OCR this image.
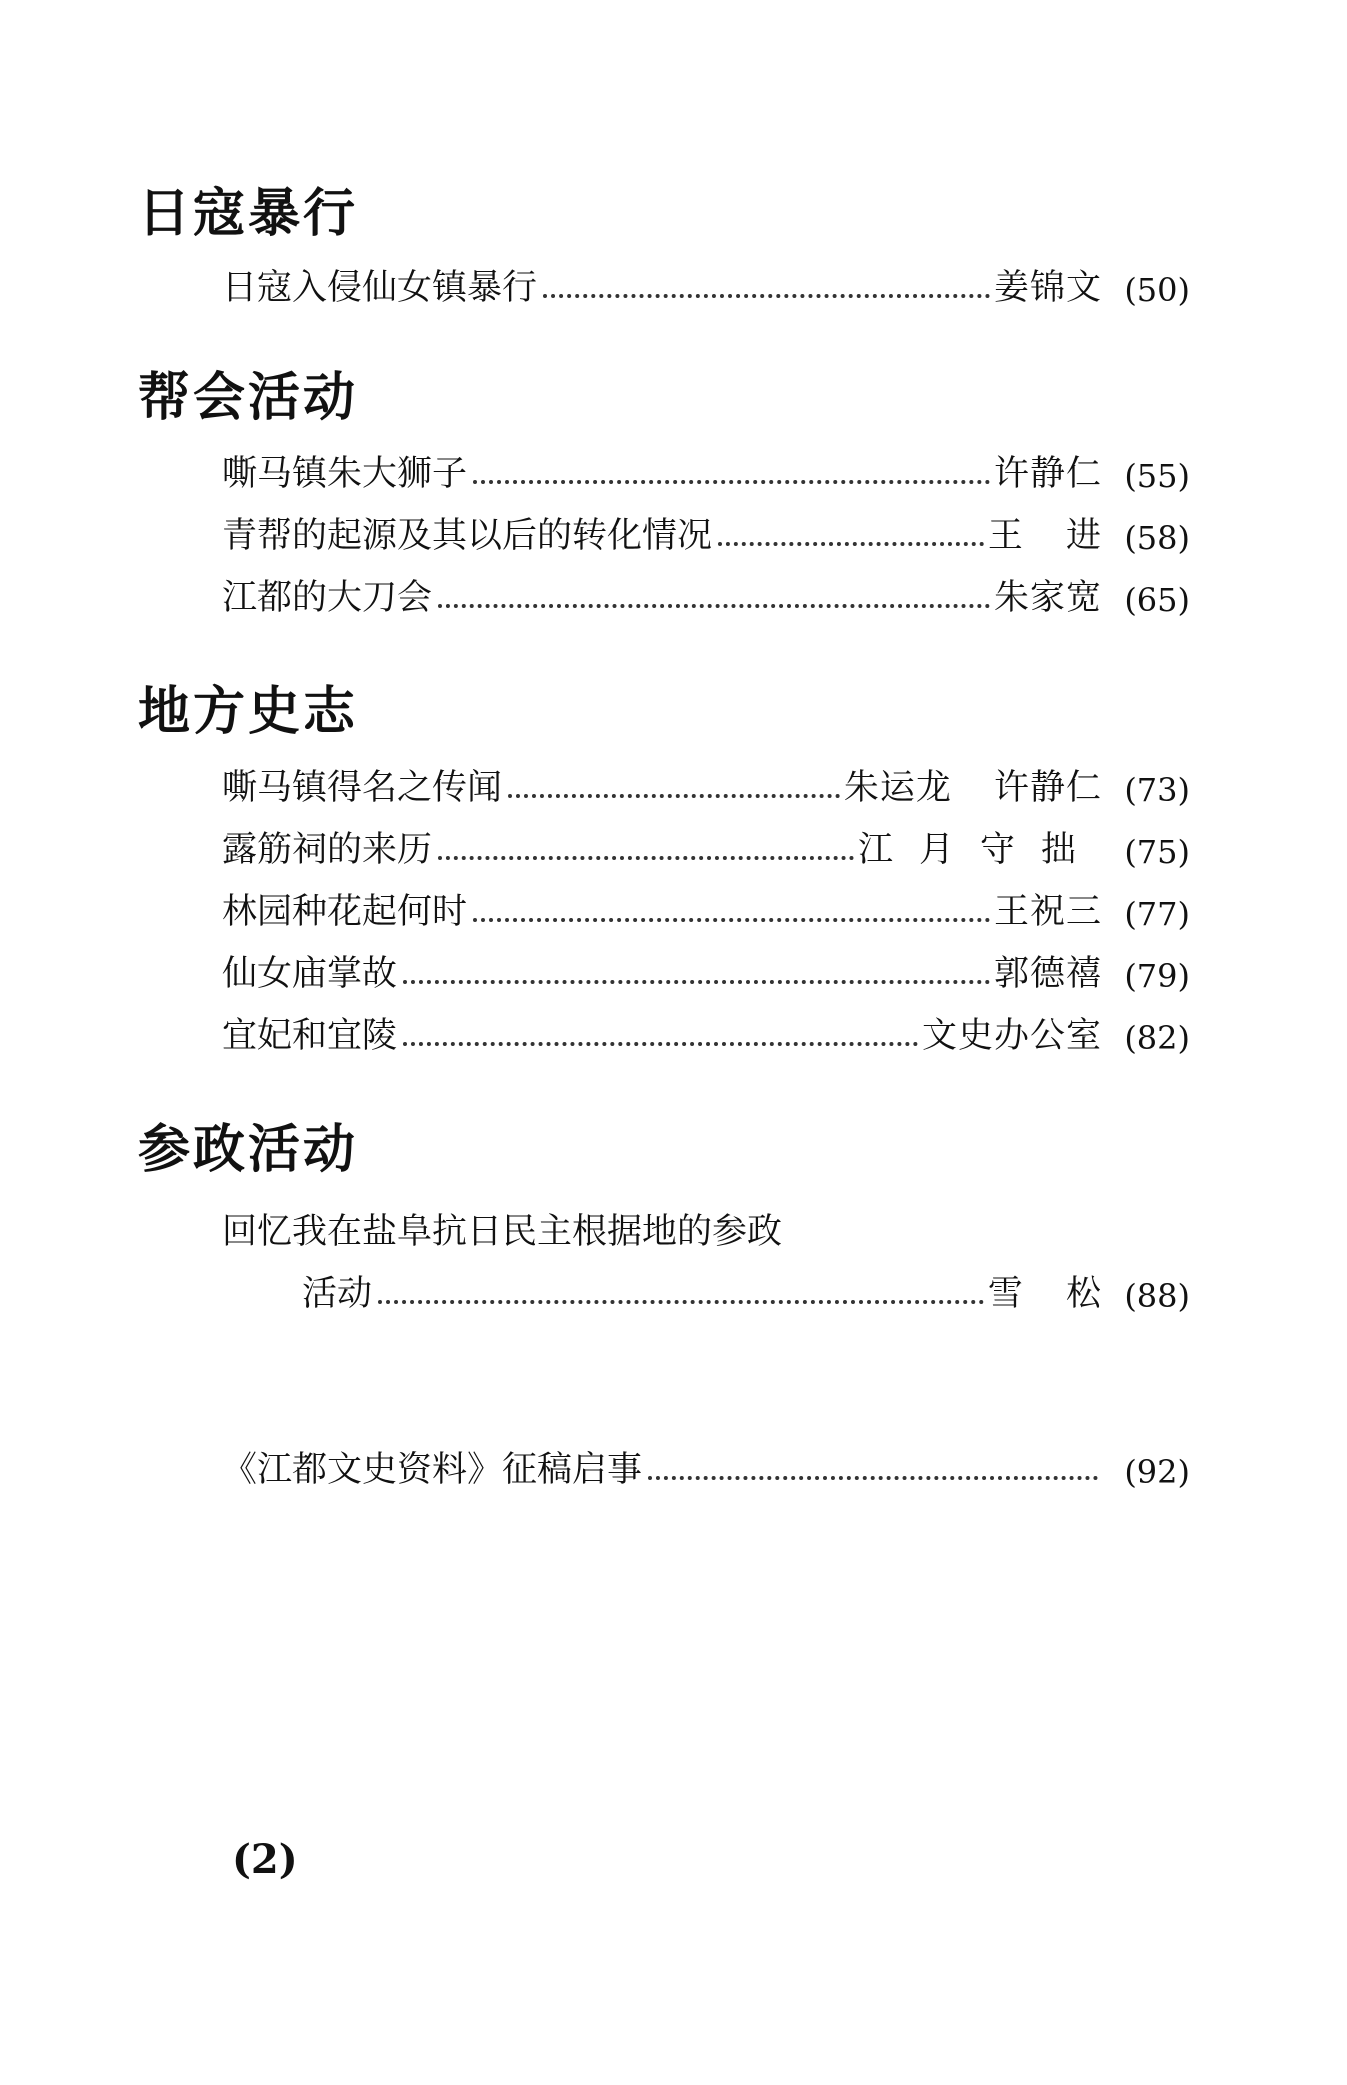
日寇暴行
日寇入侵仙女镇暴行	姜锦文 (50)
帮会活动
嘶马镇朱大狮子	许静仁 (55)
青帮的起源及其以后的转化情况	王 进 (58)
江都的大刀会	朱家宽 (65)
地方史志
嘶马镇得名之传闻	朱运龙 许静仁 (73)
露筋祠的来历	江月守拙 (75)
林园种花起何时	王祝三 (77)
仙女庙掌故	郭德禧 (79)
宜妃和宜陵	文史办公室 (82)
参政活动
回忆我在盐阜抗日民主根据地的参政
活动	雪 松 (88)
《江都文史资料》征稿启事	(92)
(2)
